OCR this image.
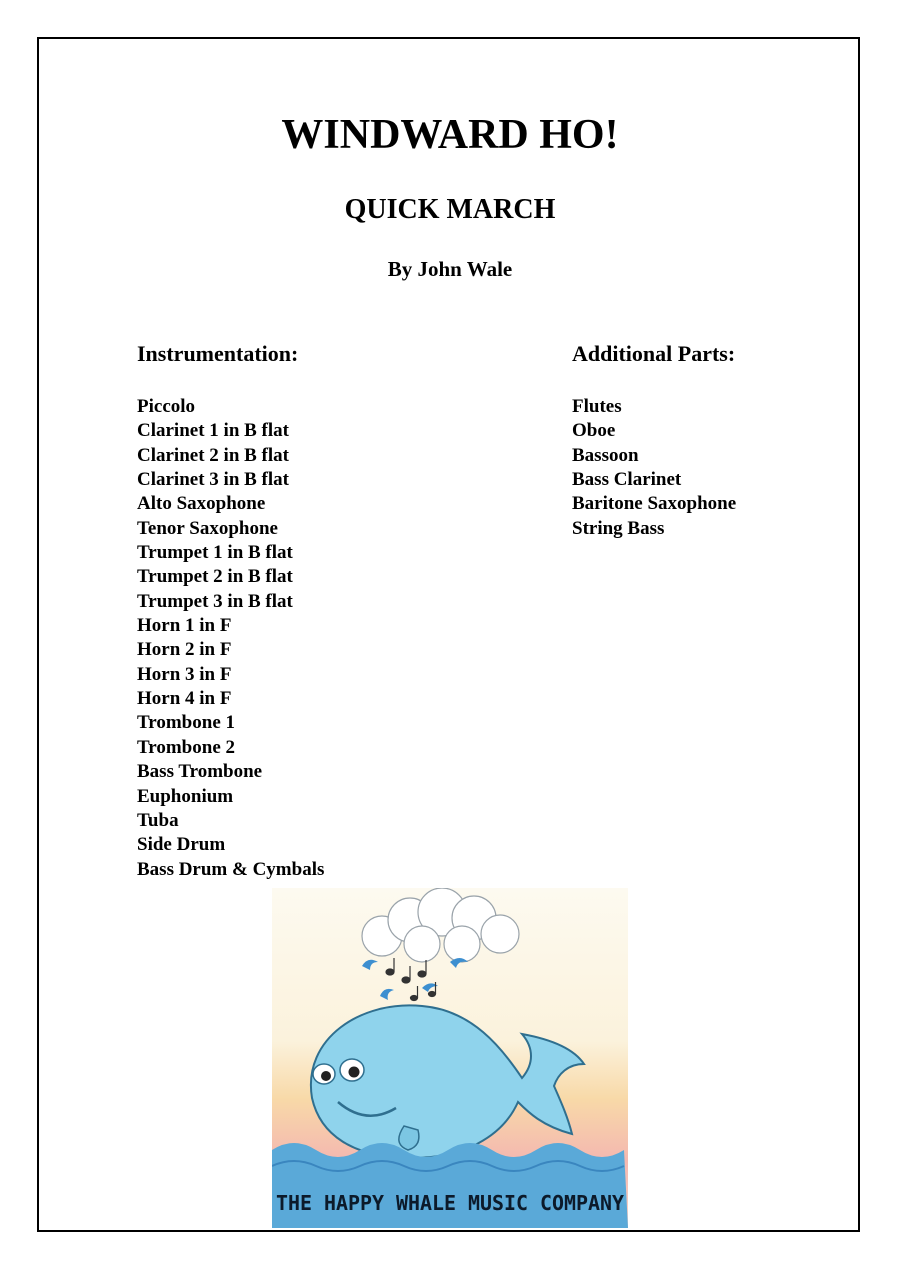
WINDWARD HO!
QUICK MARCH

By John Wale

Instrumentation:
Piccolo
Clarinet 1 in B flat
Clarinet 2 in B flat
Clarinet 3 in B flat
Alto Saxophone
Tenor Saxophone
Trumpet 1 in B flat
Trumpet 2 in B flat
Trumpet 3 in B flat
Horn 1 in F
Horn 2 in F
Horn 3 in F
Horn 4 in F
Trombone 1
Trombone 2
Bass Trombone
Euphonium
Tuba
Side Drum
Bass Drum & Cymbals
Additional Parts:
Flutes
Oboe
Bassoon
Bass Clarinet
Baritone Saxophone
String Bass
THE HAPPY WHALE MUSIC COMPANY
